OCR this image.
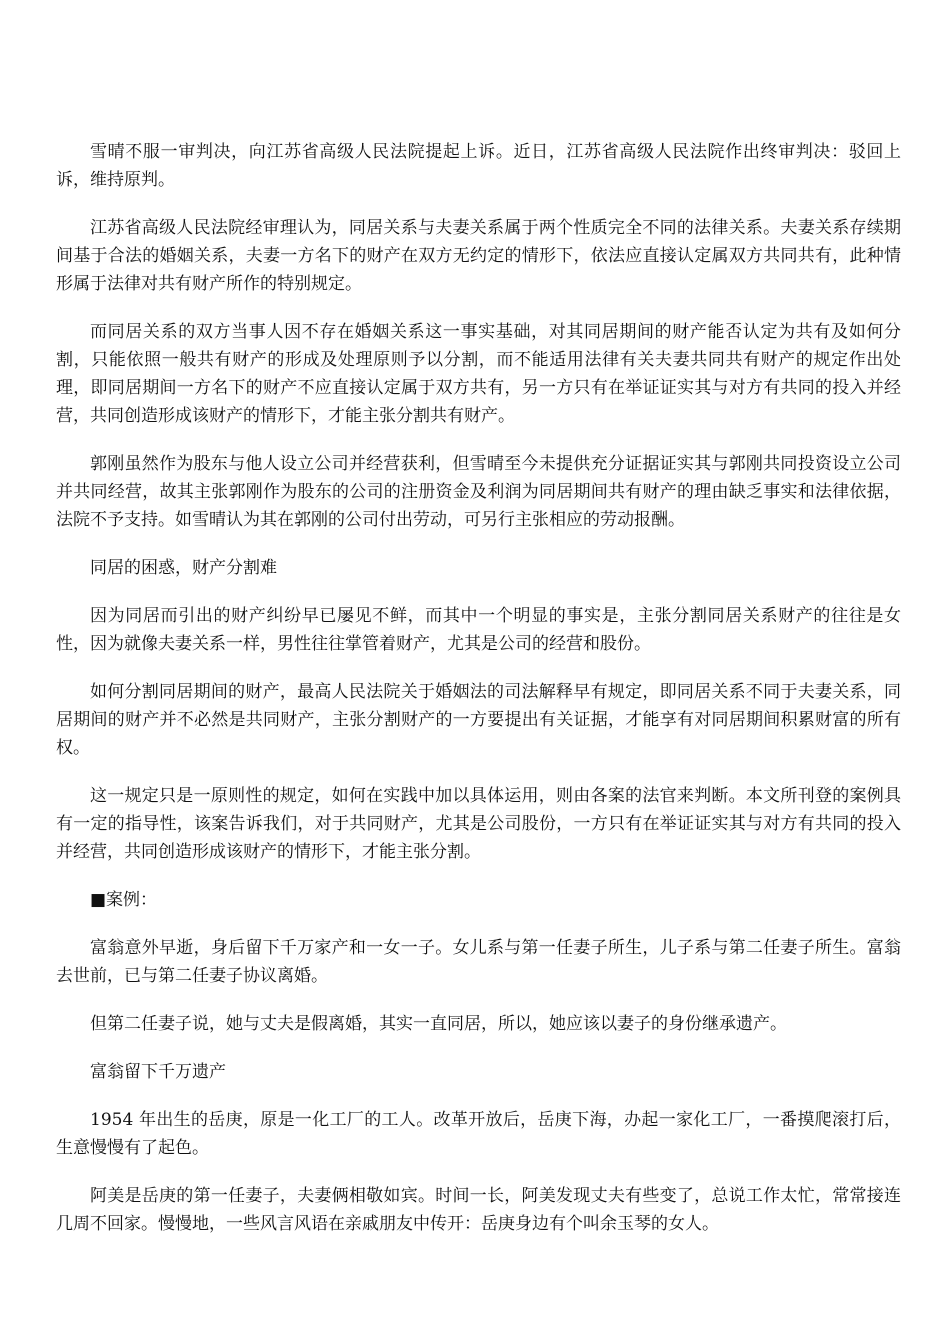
雪晴不服一审判决，向江苏省高级人民法院提起上诉。近日，江苏省高级人民法院作出终审判决：驳回上诉，维持原判。

江苏省高级人民法院经审理认为，同居关系与夫妻关系属于两个性质完全不同的法律关系。夫妻关系存续期间基于合法的婚姻关系，夫妻一方名下的财产在双方无约定的情形下，依法应直接认定属双方共同共有，此种情形属于法律对共有财产所作的特别规定。

而同居关系的双方当事人因不存在婚姻关系这一事实基础，对其同居期间的财产能否认定为共有及如何分割，只能依照一般共有财产的形成及处理原则予以分割，而不能适用法律有关夫妻共同共有财产的规定作出处理，即同居期间一方名下的财产不应直接认定属于双方共有，另一方只有在举证证实其与对方有共同的投入并经营，共同创造形成该财产的情形下，才能主张分割共有财产。

郭刚虽然作为股东与他人设立公司并经营获利，但雪晴至今未提供充分证据证实其与郭刚共同投资设立公司并共同经营，故其主张郭刚作为股东的公司的注册资金及利润为同居期间共有财产的理由缺乏事实和法律依据，法院不予支持。如雪晴认为其在郭刚的公司付出劳动，可另行主张相应的劳动报酬。

同居的困惑，财产分割难

因为同居而引出的财产纠纷早已屡见不鲜，而其中一个明显的事实是，主张分割同居关系财产的往往是女性，因为就像夫妻关系一样，男性往往掌管着财产，尤其是公司的经营和股份。

如何分割同居期间的财产，最高人民法院关于婚姻法的司法解释早有规定，即同居关系不同于夫妻关系，同居期间的财产并不必然是共同财产，主张分割财产的一方要提出有关证据，才能享有对同居期间积累财富的所有权。

这一规定只是一原则性的规定，如何在实践中加以具体运用，则由各案的法官来判断。本文所刊登的案例具有一定的指导性，该案告诉我们，对于共同财产，尤其是公司股份，一方只有在举证证实其与对方有共同的投入并经营，共同创造形成该财产的情形下，才能主张分割。

■案例：

富翁意外早逝，身后留下千万家产和一女一子。女儿系与第一任妻子所生，儿子系与第二任妻子所生。富翁去世前，已与第二任妻子协议离婚。

但第二任妻子说，她与丈夫是假离婚，其实一直同居，所以，她应该以妻子的身份继承遗产。

富翁留下千万遗产

1954 年出生的岳庚，原是一化工厂的工人。改革开放后，岳庚下海，办起一家化工厂，一番摸爬滚打后，生意慢慢有了起色。

阿美是岳庚的第一任妻子，夫妻俩相敬如宾。时间一长，阿美发现丈夫有些变了，总说工作太忙，常常接连几周不回家。慢慢地，一些风言风语在亲戚朋友中传开：岳庚身边有个叫余玉琴的女人。
